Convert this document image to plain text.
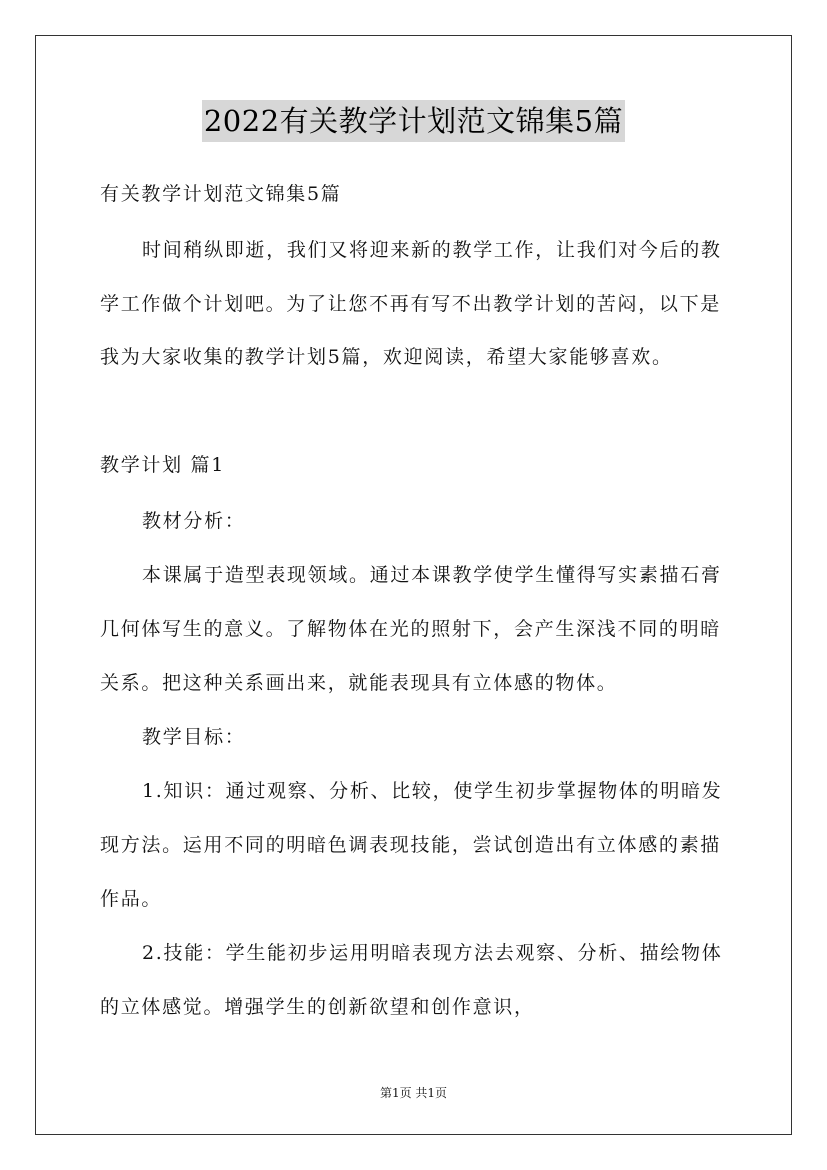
2022有关教学计划范文锦集5篇
有关教学计划范文锦集5篇
时间稍纵即逝，我们又将迎来新的教学工作，让我们对今后的教
学工作做个计划吧。为了让您不再有写不出教学计划的苦闷，以下是
我为大家收集的教学计划5篇，欢迎阅读，希望大家能够喜欢。
教学计划 篇1
教材分析：
本课属于造型表现领域。通过本课教学使学生懂得写实素描石膏
几何体写生的意义。了解物体在光的照射下，会产生深浅不同的明暗
关系。把这种关系画出来，就能表现具有立体感的物体。
教学目标：
1.知识：通过观察、分析、比较，使学生初步掌握物体的明暗发
现方法。运用不同的明暗色调表现技能，尝试创造出有立体感的素描
作品。
2.技能：学生能初步运用明暗表现方法去观察、分析、描绘物体
的立体感觉。增强学生的创新欲望和创作意识，
第1页 共1页
